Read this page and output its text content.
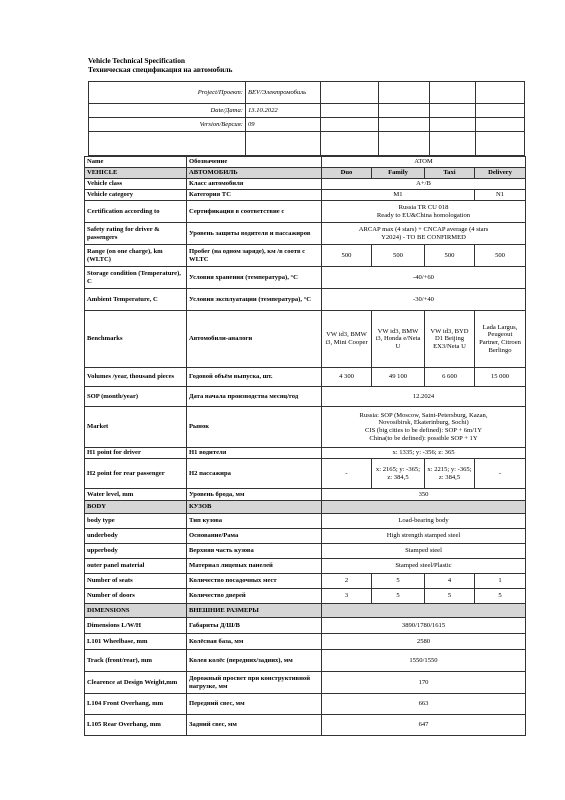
Vehicle Technical Specification
Техническая спецификация на автомобиль
Project/Проект:	BEV/Электромобиль				
Date/Дата:	13.10.2022				
Version/Версия:	09				

Name	Обозначение	ATOM			
VEHICLE	АВТОМОБИЛЬ	Duo	Family	Taxi	Delivery
Vehicle class	Класс автомобиля	A+/B			
Vehicle category	Категория ТС	M1			N1
Certification according to	Сертификация в соответствие с	Russia TR CU 018
Ready to EU&China homologation			

Safety rating for driver & passengers	Уровень защиты водителя и пассажиров	ARCAP max (4 stars) + CNCAP average (4 stars
Y2024) - TO BE CONFIRMED			

Range (on one charge), km (WLTC)	Пробег (на одном заряде), км /в соотв с WLTC	500	500	500	500
Storage condition (Temperature), C	Условия хранения (температура), °C	-40/+60			
Ambient Temperature, C	Условия эксплуатации (температура), °C	-30/+40			
Benchmarks	Автомобили-аналоги	VW id3, BMW i3, Mini Cooper	VW id3, BMW i3, Honda e/Neta U	VW id3, BYD D1 Beijing EX3/Neta U	Lada Largus, Peugeout Partner, Citroen Berlingo
Volumes /year, thousand pieces	Годовой объём выпуска, шт.	4 300	49 100	6 600	15 000
SOP (month/year)	Дата начала производства месяц/год	12.2024			
Market	Рынок	Russia: SOP (Moscow, Saint-Petersburg, Kazan,
Novosibirsk, Ekaterinburg, Sochi)
CIS (big cities to be defined): SOP + 6m/1Y
China(to be defined): possible SOP + 1Y			

H1 point for driver	H1 водителя	x: 1335; y: -356; z: 365			
H2 point for rear passenger	H2 пассажира	-	x: 2165; y: -365; z: 384,5	x: 2215; y: -365; z: 384,5	-
Water level, mm	Уровень брода, мм	350			
BODY	КУЗОВ				
body type	Тип кузова	Load-bearing body			
underbody	Основание/Рама	High strength stamped steel			
upperbody	Верхняя часть кузова	Stamped steel			
outer panel material	Материал лицевых панелей	Stamped steel/Plastic			
Number of seats	Количество посадочных мест	2	5	4	1
Number of doors	Количество дверей	3	5	5	5
DIMENSIONS	ВНЕШНИЕ РАЗМЕРЫ				
Dimensions L/W/H	Габариты Д/Ш/В	3890/1780/1615			
L101 Wheelbase, mm	Колёсная база, мм	2580			
Track (front/rear), mm	Колея колёс (передних/задних), мм	1550/1550			
Clearence at Design Weight,mm	Дорожный просвет при конструктивной нагрузке, мм	170			
L104 Front Overhang, mm	Передний свес, мм	663			
L105 Rear Overhang, mm	Задний свес, мм	647			
